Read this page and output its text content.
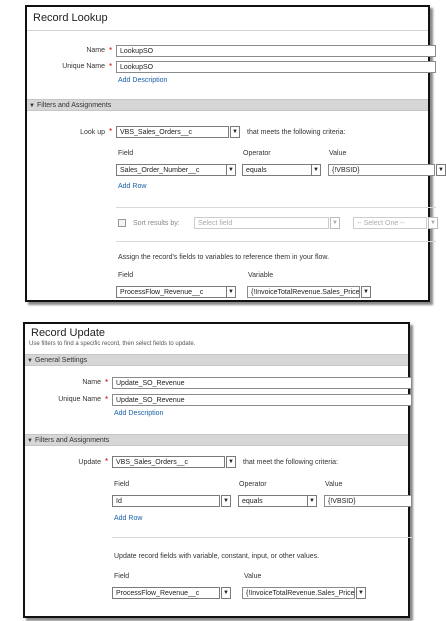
Record Lookup
Name *	LookupSO
Unique Name *	LookupSO
Add Description
▼ Filters and Assignments
Look up *	VBS_Sales_Orders__c	▼ that meets the following criteria:
Field	Operator	Value
Sales_Order_Number__c	▼	equals	▼	{!VBSID}	▼
Add Row
Sort results by:	Select field	▼	-- Select One --	▼
Assign the record's fields to variables to reference them in your flow.
Field	Variable
ProcessFlow_Revenue__c	▼	{!InvoiceTotalRevenue.Sales_Price ▼
Record Update
Use filters to find a specific record, then select fields to update.
▼ General Settings
Name *	Update_SO_Revenue
Unique Name *	Update_SO_Revenue
Add Description
▼ Filters and Assignments
Update *	VBS_Sales_Orders__c	▼ that meet the following criteria:
Field	Operator	Value
Id	▼	equals	▼	{!VBSID}
Add Row
Update record fields with variable, constant, input, or other values.
Field	Value
ProcessFlow_Revenue__c	▼	{!InvoiceTotalRevenue.Sales_Price ▼
